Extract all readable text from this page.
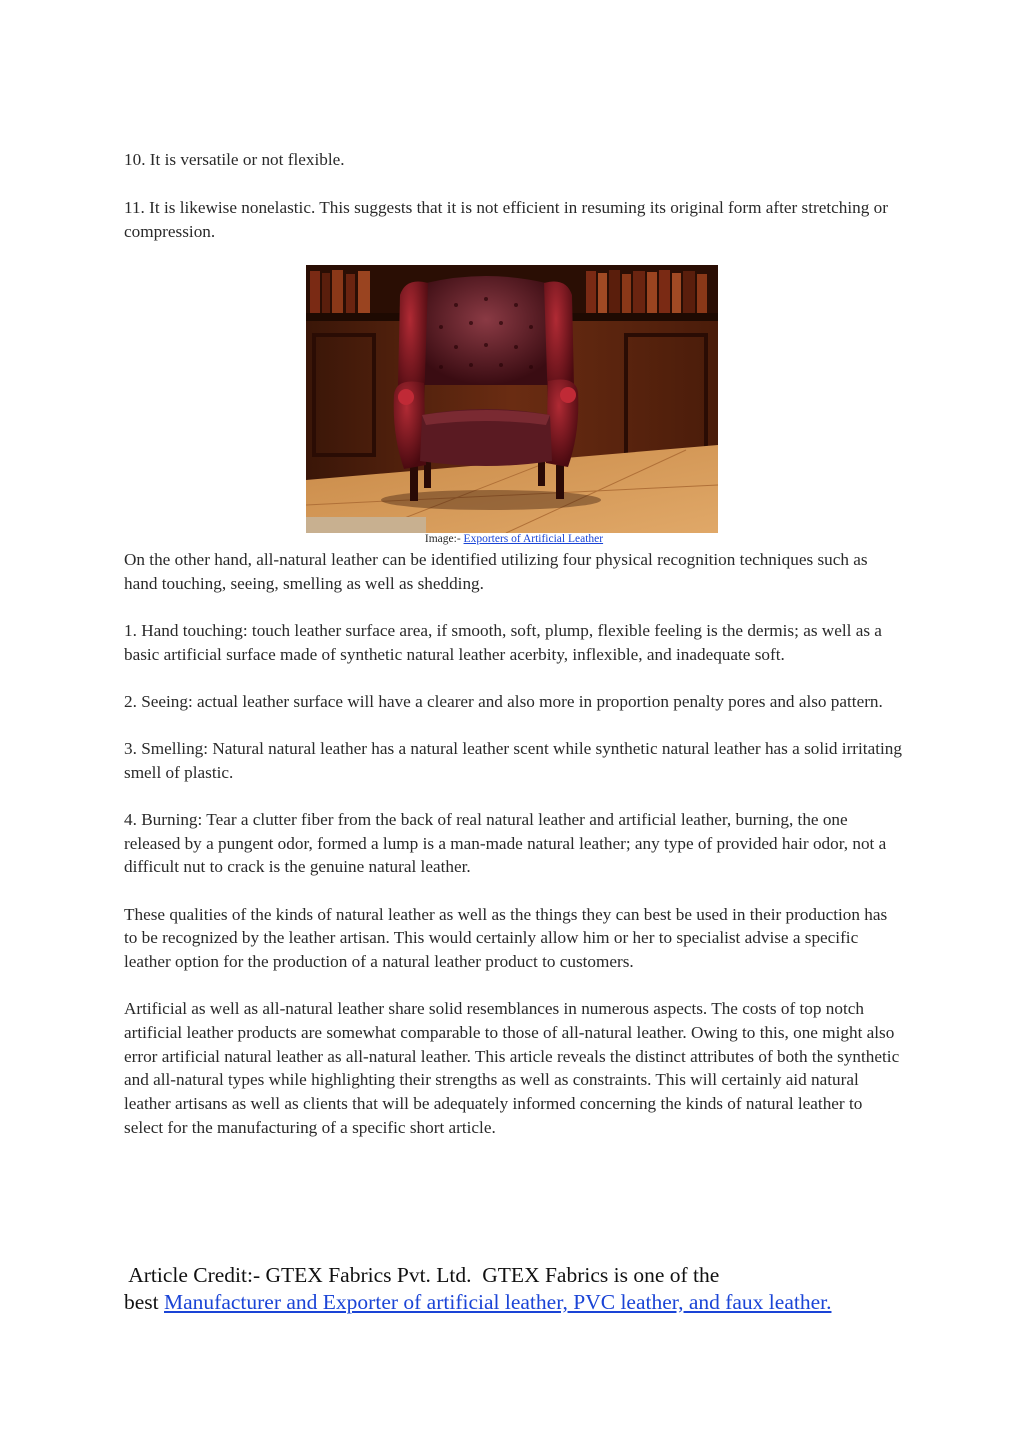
10. It is versatile or not flexible.

11. It is likewise nonelastic. This suggests that it is not efficient in resuming its original form after stretching or compression.

Image:- Exporters of Artificial Leather

On the other hand, all-natural leather can be identified utilizing four physical recognition techniques such as hand touching, seeing, smelling as well as shedding.

1. Hand touching: touch leather surface area, if smooth, soft, plump, flexible feeling is the dermis; as well as a basic artificial surface made of synthetic natural leather acerbity, inflexible, and inadequate soft.

2. Seeing: actual leather surface will have a clearer and also more in proportion penalty pores and also pattern.

3. Smelling: Natural natural leather has a natural leather scent while synthetic natural leather has a solid irritating smell of plastic.

4. Burning: Tear a clutter fiber from the back of real natural leather and artificial leather, burning, the one released by a pungent odor, formed a lump is a man-made natural leather; any type of provided hair odor, not a difficult nut to crack is the genuine natural leather.

These qualities of the kinds of natural leather as well as the things they can best be used in their production has to be recognized by the leather artisan. This would certainly allow him or her to specialist advise a specific leather option for the production of a natural leather product to customers.

Artificial as well as all-natural leather share solid resemblances in numerous aspects. The costs of top notch artificial leather products are somewhat comparable to those of all-natural leather. Owing to this, one might also error artificial natural leather as all-natural leather. This article reveals the distinct attributes of both the synthetic and all-natural types while highlighting their strengths as well as constraints. This will certainly aid natural leather artisans as well as clients that will be adequately informed concerning the kinds of natural leather to select for the manufacturing of a specific short article.

Article Credit:- GTEX Fabrics Pvt. Ltd.  GTEX Fabrics is one of the
best Manufacturer and Exporter of artificial leather, PVC leather, and faux leather.
